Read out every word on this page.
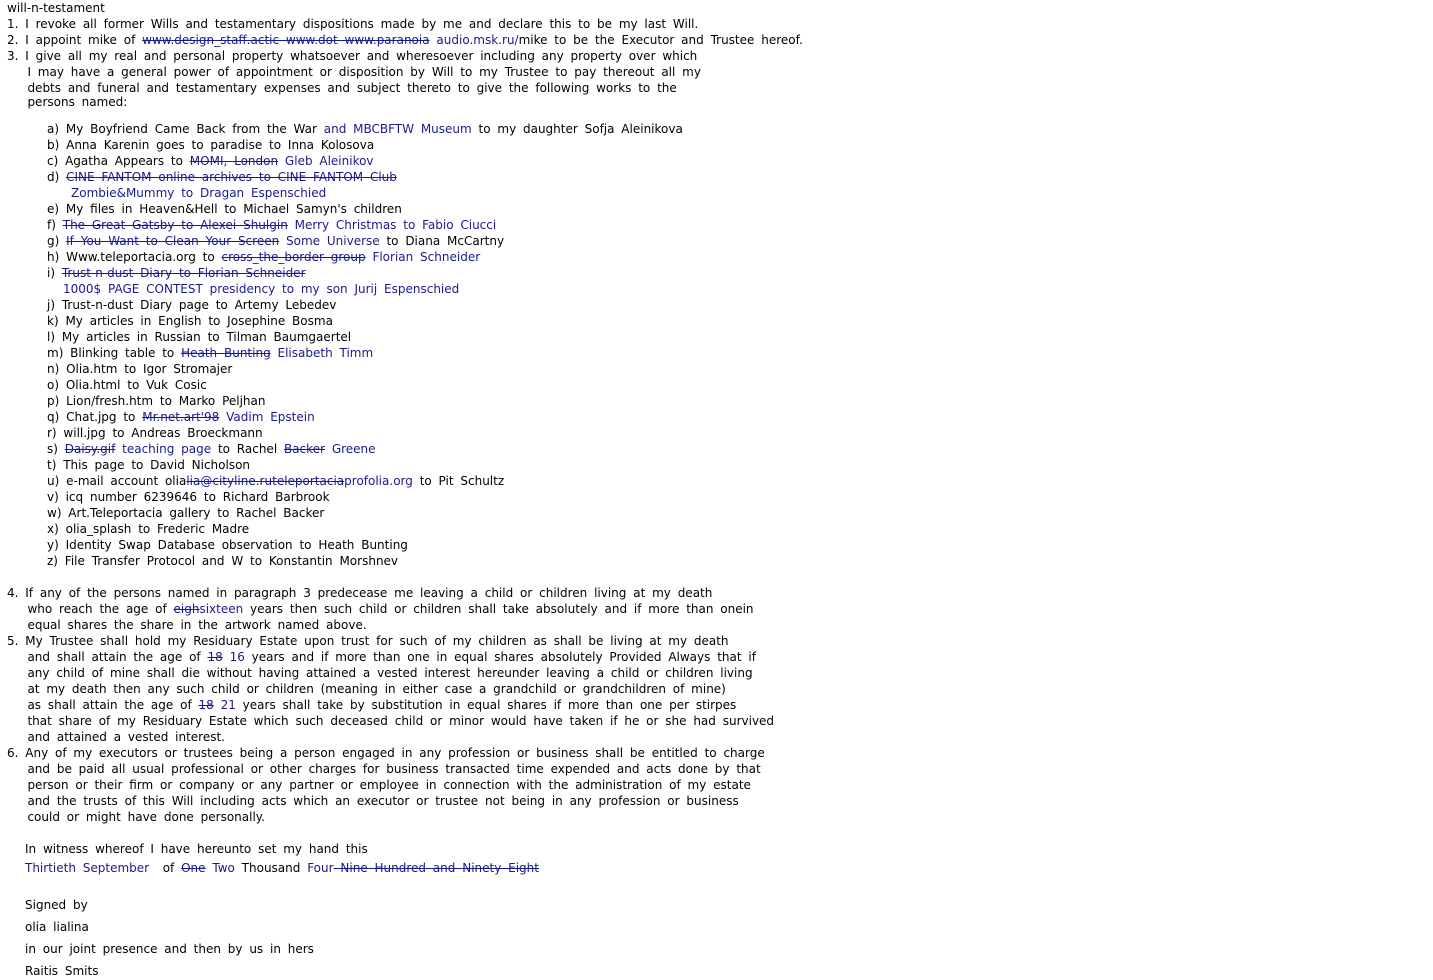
will-n-testament
1. I revoke all former Wills and testamentary dispositions made by me and declare this to be my last Will.
2. I appoint mike of www.design_staff.actic www.dot www.paranoia audio.msk.ru/mike to be the Executor and Trustee hereof.
3. I give all my real and personal property whatsoever and wheresoever including any property over which
I may have a general power of appointment or disposition by Will to my Trustee to pay thereout all my
debts and funeral and testamentary expenses and subject thereto to give the following works to the
persons named:
a) My Boyfriend Came Back from the War and MBCBFTW Museum to my daughter Sofja Aleinikova
b) Anna Karenin goes to paradise to Inna Kolosova
c) Agatha Appears to MOMI, London Gleb Aleinikov
d) CINE FANTOM online archives to CINE FANTOM Club
Zombie&Mummy to Dragan Espenschied
e) My files in Heaven&Hell to Michael Samyn's children
f) The Great Gatsby to Alexei Shulgin Merry Christmas to Fabio Ciucci
g) If You Want to Clean Your Screen Some Universe to Diana McCartny
h) Www.teleportacia.org to cross_the_border group Florian Schneider
i) Trust-n-dust Diary to Florian Schneider
1000$ PAGE CONTEST presidency to my son Jurij Espenschied
j) Trust-n-dust Diary page to Artemy Lebedev
k) My articles in English to Josephine Bosma
l) My articles in Russian to Tilman Baumgaertel
m) Blinking table to Heath Bunting Elisabeth Timm
n) Olia.htm to Igor Stromajer
o) Olia.html to Vuk Cosic
p) Lion/fresh.htm to Marko Peljhan
q) Chat.jpg to Mr.net.art'98 Vadim Epstein
r) will.jpg to Andreas Broeckmann
s) Daisy.gif teaching page to Rachel Backer Greene
t) This page to David Nicholson
u) e-mail account olialia@cityline.ruteleportaciaprofolia.org to Pit Schultz
v) icq number 6239646 to Richard Barbrook
w) Art.Teleportacia gallery to Rachel Backer
x) olia_splash to Frederic Madre
y) Identity Swap Database observation to Heath Bunting
z) File Transfer Protocol and W to Konstantin Morshnev
4. If any of the persons named in paragraph 3 predecease me leaving a child or children living at my death
who reach the age of eighsixteen years then such child or children shall take absolutely and if more than onein
equal shares the share in the artwork named above.
5. My Trustee shall hold my Residuary Estate upon trust for such of my children as shall be living at my death
and shall attain the age of 18 16 years and if more than one in equal shares absolutely Provided Always that if
any child of mine shall die without having attained a vested interest hereunder leaving a child or children living
at my death then any such child or children (meaning in either case a grandchild or grandchildren of mine)
as shall attain the age of 18 21 years shall take by substitution in equal shares if more than one per stirpes
that share of my Residuary Estate which such deceased child or minor would have taken if he or she had survived
and attained a vested interest.
6. Any of my executors or trustees being a person engaged in any profession or business shall be entitled to charge
and be paid all usual professional or other charges for business transacted time expended and acts done by that
person or their firm or company or any partner or employee in connection with the administration of my estate
and the trusts of this Will including acts which an executor or trustee not being in any profession or business
could or might have done personally.
In witness whereof I have hereunto set my hand this
Thirtieth September  of One Two Thousand Four Nine Hundred and Ninety Eight
Signed by
olia lialina
in our joint presence and then by us in hers
Raitis Smits
